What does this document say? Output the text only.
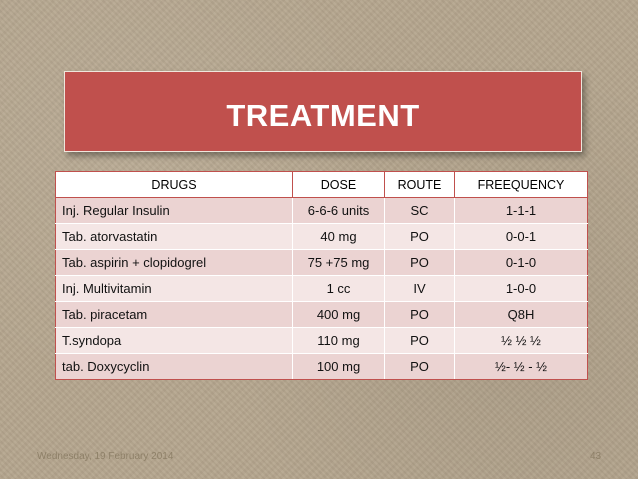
TREATMENT
DRUGS	DOSE	ROUTE	FREEQUENCY
Inj. Regular Insulin	6-6-6 units	SC	1-1-1
Tab. atorvastatin	40 mg	PO	0-0-1
Tab. aspirin + clopidogrel	75 +75 mg	PO	0-1-0
Inj. Multivitamin	1 cc	IV	1-0-0
Tab. piracetam	400 mg	PO	Q8H
T.syndopa	110 mg	PO	½ ½ ½
tab. Doxycyclin	100 mg	PO	½- ½ - ½
Wednesday, 19 February 2014	43
